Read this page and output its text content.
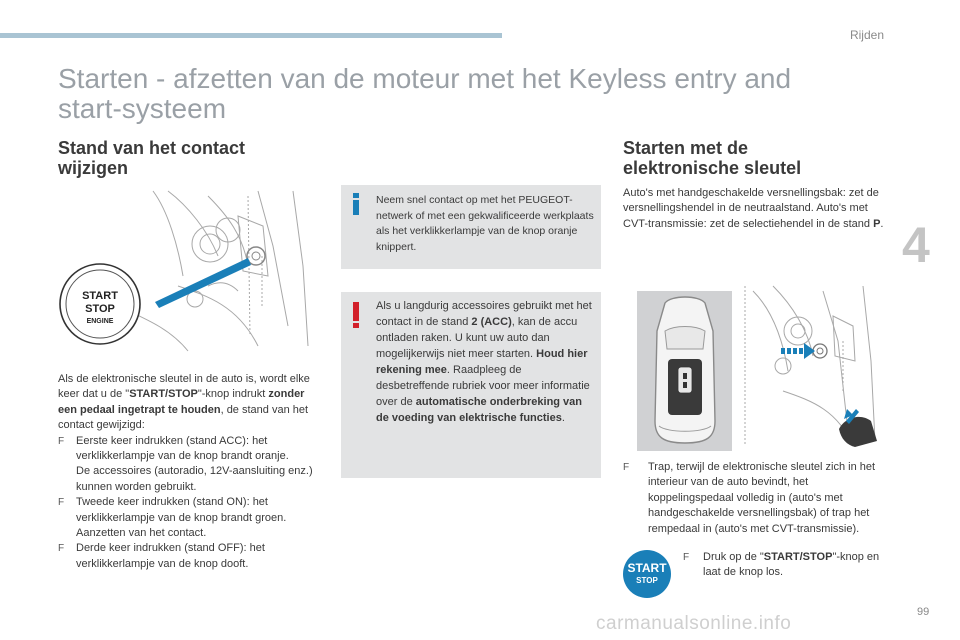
Rijden
4
Starten - afzetten van de moteur met het Keyless entry and start-systeem
Stand van het contact wijzigen
START
STOP
ENGINE

Als de elektronische sleutel in de auto is, wordt elke keer dat u de "START/STOP"-knop indrukt zonder een pedaal ingetrapt te houden, de stand van het contact gewijzigd:

F Eerste keer indrukken (stand ACC): het verklikkerlampje van de knop brandt oranje.
De accessoires (autoradio, 12V-aansluiting enz.) kunnen worden gebruikt.
F Tweede keer indrukken (stand ON): het verklikkerlampje van de knop brandt groen.
Aanzetten van het contact.
F Derde keer indrukken (stand OFF): het verklikkerlampje van de knop dooft.
Neem snel contact op met het PEUGEOT-netwerk of met een gekwalificeerde werkplaats als het verklikkerlampje van de knop oranje knippert.
Als u langdurig accessoires gebruikt met het contact in de stand 2 (ACC), kan de accu ontladen raken. U kunt uw auto dan mogelijkerwijs niet meer starten. Houd hier rekening mee. Raadpleeg de desbetreffende rubriek voor meer informatie over de automatische onderbreking van de voeding van elektrische functies.
Starten met de elektronische sleutel

Auto's met handgeschakelde versnellingsbak: zet de versnellingshendel in de neutraalstand. Auto's met CVT-transmissie: zet de selectiehendel in de stand P.

F	Trap, terwijl de elektronische sleutel zich in het interieur van de auto bevindt, het koppelingspedaal volledig in (auto's met handgeschakelde versnellingsbak) of trap het rempedaal in (auto's met CVT-transmissie).
START
STOP
F	Druk op de "START/STOP"-knop en laat de knop los.
carmanualsonline.info
99
